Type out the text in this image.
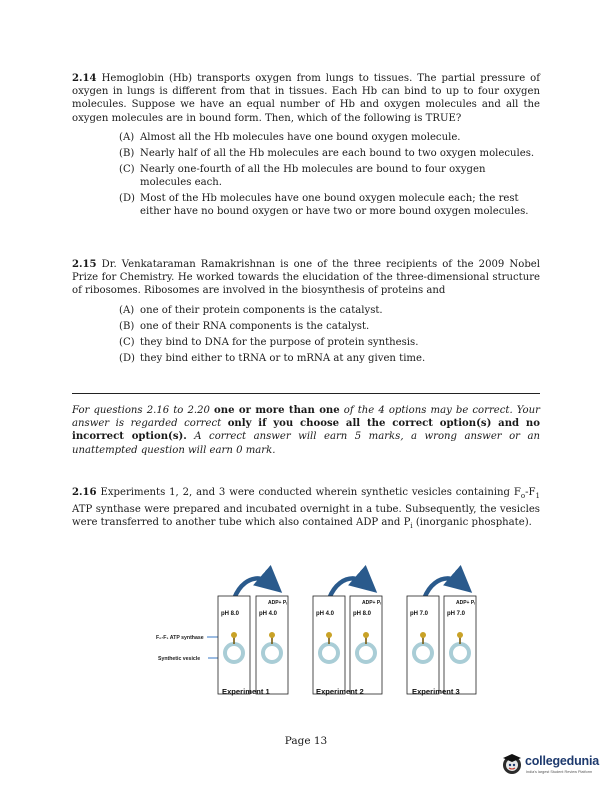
2.14 Hemoglobin (Hb) transports oxygen from lungs to tissues. The partial pressure of oxygen in lungs is different from that in tissues. Each Hb can bind to up to four oxygen molecules. Suppose we have an equal number of Hb and oxygen molecules and all the oxygen molecules are in bound form. Then, which of the following is TRUE?
(A) Almost all the Hb molecules have one bound oxygen molecule.
(B) Nearly half of all the Hb molecules are each bound to two oxygen molecules.
(C) Nearly one-fourth of all the Hb molecules are bound to four oxygen molecules each.
(D) Most of the Hb molecules have one bound oxygen molecule each; the rest either have no bound oxygen or have two or more bound oxygen molecules.
2.15 Dr. Venkataraman Ramakrishnan is one of the three recipients of the 2009 Nobel Prize for Chemistry. He worked towards the elucidation of the three-dimensional structure of ribosomes. Ribosomes are involved in the biosynthesis of proteins and
(A) one of their protein components is the catalyst.
(B) one of their RNA components is the catalyst.
(C) they bind to DNA for the purpose of protein synthesis.
(D) they bind either to tRNA or to mRNA at any given time.
For questions 2.16 to 2.20 one or more than one of the 4 options may be correct. Your answer is regarded correct only if you choose all the correct option(s) and no incorrect option(s). A correct answer will earn 5 marks, a wrong answer or an unattempted question will earn 0 mark.
2.16 Experiments 1, 2, and 3 were conducted wherein synthetic vesicles containing $F_o-F_1$ ATP synthase were prepared and incubated overnight in a tube. Subsequently, the vesicles were transferred to another tube which also contained ADP and $P_i$ (inorganic phosphate).
F₀-F₁ ATP synthase
Synthetic vesicle
ADP+ Pᵢ
pH 8.0	pH 4.0
Experiment 1
ADP+ Pᵢ
pH 4.0	pH 8.0
Experiment 2
ADP+ Pᵢ
pH 7.0	pH 7.0
Experiment 3
Page 13
collegedunia
India's largest Student Review Platform
